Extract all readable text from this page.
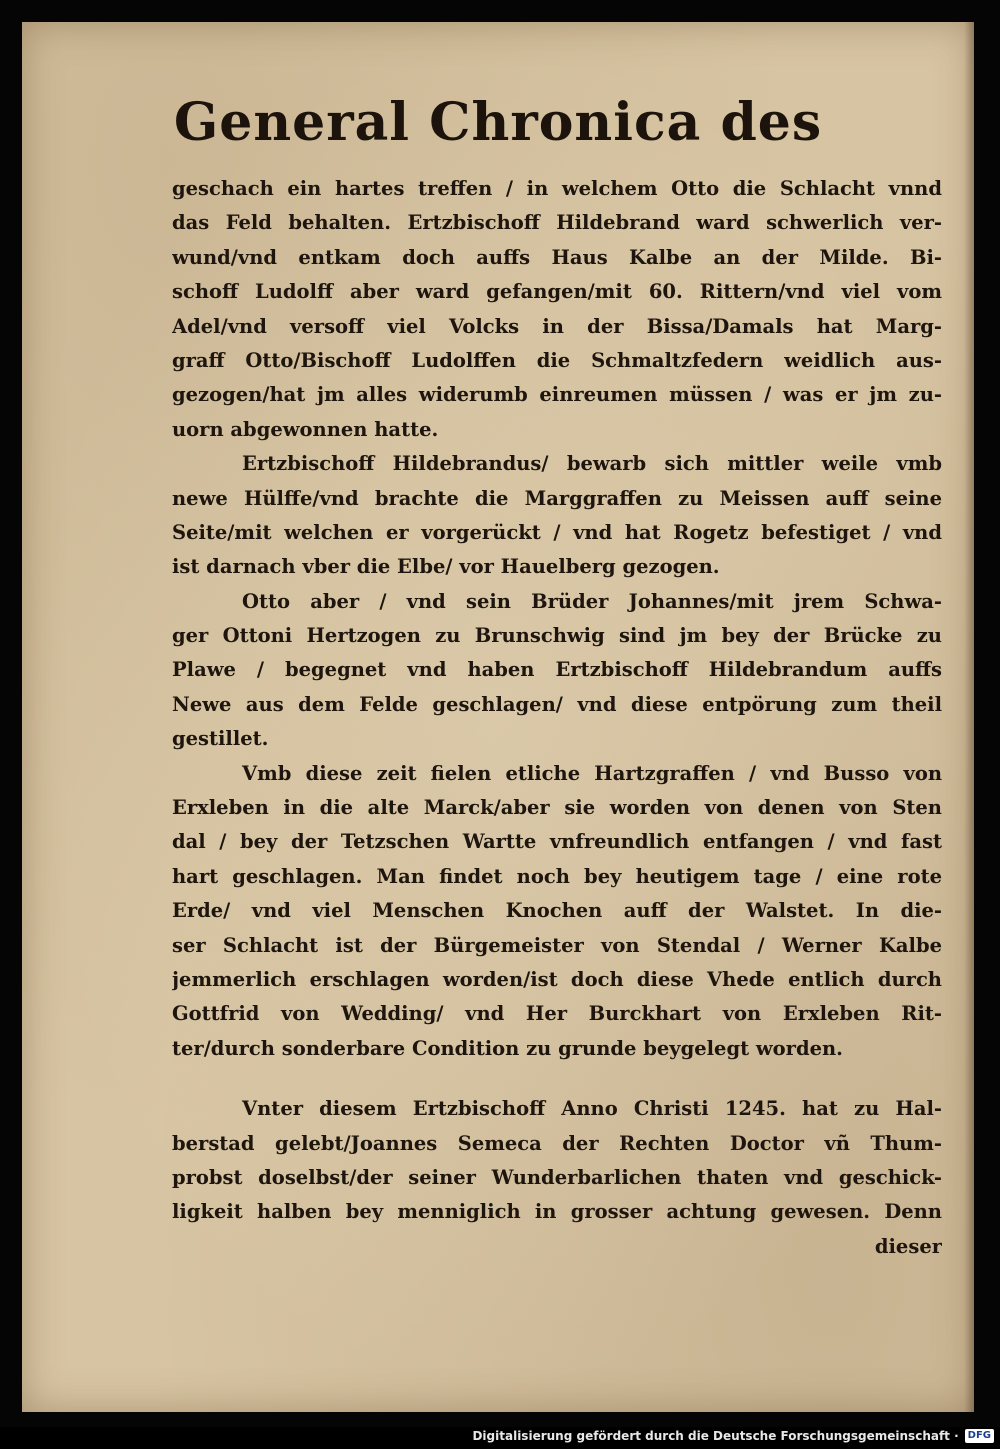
General Chronica des
geschach ein hartes treffen / in welchem Otto die Schlacht vnnd
das Feld behalten. Ertzbischoff Hildebrand ward schwerlich ver-
wund/vnd entkam doch auffs Haus Kalbe an der Milde. Bi-
schoff Ludolff aber ward gefangen/mit 60. Rittern/vnd viel vom
Adel/vnd versoff viel Volcks in der Bissa/Damals hat Marg-
graff Otto/Bischoff Ludolffen die Schmaltzfedern weidlich aus-
gezogen/hat jm alles widerumb einreumen müssen / was er jm zu-
uorn abgewonnen hatte.
Ertzbischoff Hildebrandus/ bewarb sich mittler weile vmb
newe Hülffe/vnd brachte die Marggraffen zu Meissen auff seine
Seite/mit welchen er vorgerückt / vnd hat Rogetz befestiget / vnd
ist darnach vber die Elbe/ vor Hauelberg gezogen.
Otto aber / vnd sein Brüder Johannes/mit jrem Schwa-
ger Ottoni Hertzogen zu Brunschwig sind jm bey der Brücke zu
Plawe / begegnet vnd haben Ertzbischoff Hildebrandum auffs
Newe aus dem Felde geschlagen/ vnd diese entpörung zum theil
gestillet.
Vmb diese zeit fielen etliche Hartzgraffen / vnd Busso von
Erxleben in die alte Marck/aber sie worden von denen von Sten
dal / bey der Tetzschen Wartte vnfreundlich entfangen / vnd fast
hart geschlagen. Man findet noch bey heutigem tage / eine rote
Erde/ vnd viel Menschen Knochen auff der Walstet. In die-
ser Schlacht ist der Bürgemeister von Stendal / Werner Kalbe
jemmerlich erschlagen worden/ist doch diese Vhede entlich durch
Gottfrid von Wedding/ vnd Her Burckhart von Erxleben Rit-
ter/durch sonderbare Condition zu grunde beygelegt worden.
Vnter diesem Ertzbischoff Anno Christi 1245. hat zu Hal-
berstad gelebt/Joannes Semeca der Rechten Doctor vñ Thum-
probst doselbst/der seiner Wunderbarlichen thaten vnd geschick-
ligkeit halben bey menniglich in grosser achtung gewesen. Denn
dieser
Digitalisierung gefördert durch die Deutsche Forschungsgemeinschaft · DFG
